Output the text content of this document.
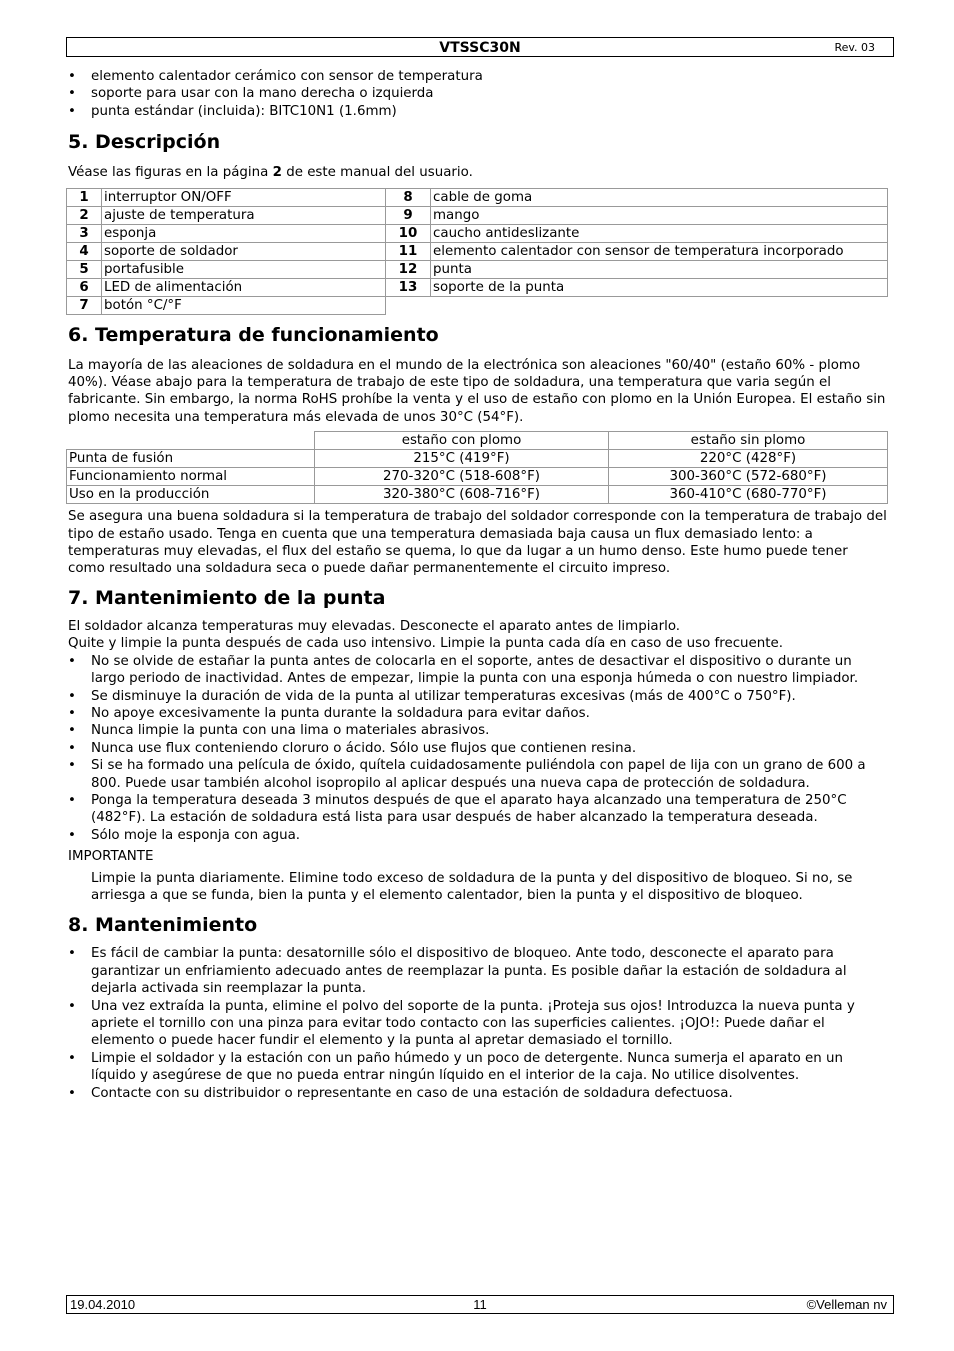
VTSSC30N	Rev. 03
• elemento calentador cerámico con sensor de temperatura
• soporte para usar con la mano derecha o izquierda
• punta estándar (incluida): BITC10N1 (1.6mm)
5. Descripción

Véase las figuras en la página 2 de este manual del usuario.

1	interruptor ON/OFF	8	cable de goma
2	ajuste de temperatura	9	mango
3	esponja	10	caucho antideslizante
4	soporte de soldador	11	elemento calentador con sensor de temperatura incorporado
5	portafusible	12	punta
6	LED de alimentación	13	soporte de la punta
7	botón °C/°F		
6. Temperatura de funcionamiento

La mayoría de las aleaciones de soldadura en el mundo de la electrónica son aleaciones "60/40" (estaño 60% - plomo 40%). Véase abajo para la temperatura de trabajo de este tipo de soldadura, una temperatura que varia según el fabricante. Sin embargo, la norma RoHS prohíbe la venta y el uso de estaño con plomo en la Unión Europea. El estaño sin plomo necesita una temperatura más elevada de unos 30°C (54°F).

	estaño con plomo	estaño sin plomo
Punta de fusión	215°C (419°F)	220°C (428°F)
Funcionamiento normal	270-320°C (518-608°F)	300-360°C (572-680°F)
Uso en la producción	320-380°C (608-716°F)	360-410°C (680-770°F)

Se asegura una buena soldadura si la temperatura de trabajo del soldador corresponde con la temperatura de trabajo del tipo de estaño usado. Tenga en cuenta que una temperatura demasiada baja causa un flux demasiado lento: a temperaturas muy elevadas, el flux del estaño se quema, lo que da lugar a un humo denso. Este humo puede tener como resultado una soldadura seca o puede dañar permanentemente el circuito impreso.

7. Mantenimiento de la punta

El soldador alcanza temperaturas muy elevadas. Desconecte el aparato antes de limpiarlo.

Quite y limpie la punta después de cada uso intensivo. Limpie la punta cada día en caso de uso frecuente.

• No se olvide de estañar la punta antes de colocarla en el soporte, antes de desactivar el dispositivo o durante un largo periodo de inactividad. Antes de empezar, limpie la punta con una esponja húmeda o con nuestro limpiador.
• Se disminuye la duración de vida de la punta al utilizar temperaturas excesivas (más de 400°C o 750°F).
• No apoye excesivamente la punta durante la soldadura para evitar daños.
• Nunca limpie la punta con una lima o materiales abrasivos.
• Nunca use flux conteniendo cloruro o ácido. Sólo use flujos que contienen resina.
• Si se ha formado una película de óxido, quítela cuidadosamente puliéndola con papel de lija con un grano de 600 a 800. Puede usar también alcohol isopropilo al aplicar después una nueva capa de protección de soldadura.
• Ponga la temperatura deseada 3 minutos después de que el aparato haya alcanzado una temperatura de 250°C (482°F). La estación de soldadura está lista para usar después de haber alcanzado la temperatura deseada.
• Sólo moje la esponja con agua.

IMPORTANTE

Limpie la punta diariamente. Elimine todo exceso de soldadura de la punta y del dispositivo de bloqueo. Si no, se arriesga a que se funda, bien la punta y el elemento calentador, bien la punta y el dispositivo de bloqueo.

8. Mantenimiento
• Es fácil de cambiar la punta: desatornille sólo el dispositivo de bloqueo. Ante todo, desconecte el aparato para garantizar un enfriamiento adecuado antes de reemplazar la punta. Es posible dañar la estación de soldadura al dejarla activada sin reemplazar la punta.
• Una vez extraída la punta, elimine el polvo del soporte de la punta. ¡Proteja sus ojos! Introduzca la nueva punta y apriete el tornillo con una pinza para evitar todo contacto con las superficies calientes. ¡OJO!: Puede dañar el elemento o puede hacer fundir el elemento y la punta al apretar demasiado el tornillo.
• Limpie el soldador y la estación con un paño húmedo y un poco de detergente. Nunca sumerja el aparato en un líquido y asegúrese de que no pueda entrar ningún líquido en el interior de la caja. No utilice disolventes.
• Contacte con su distribuidor o representante en caso de una estación de soldadura defectuosa.
19.04.2010	11	©Velleman nv
